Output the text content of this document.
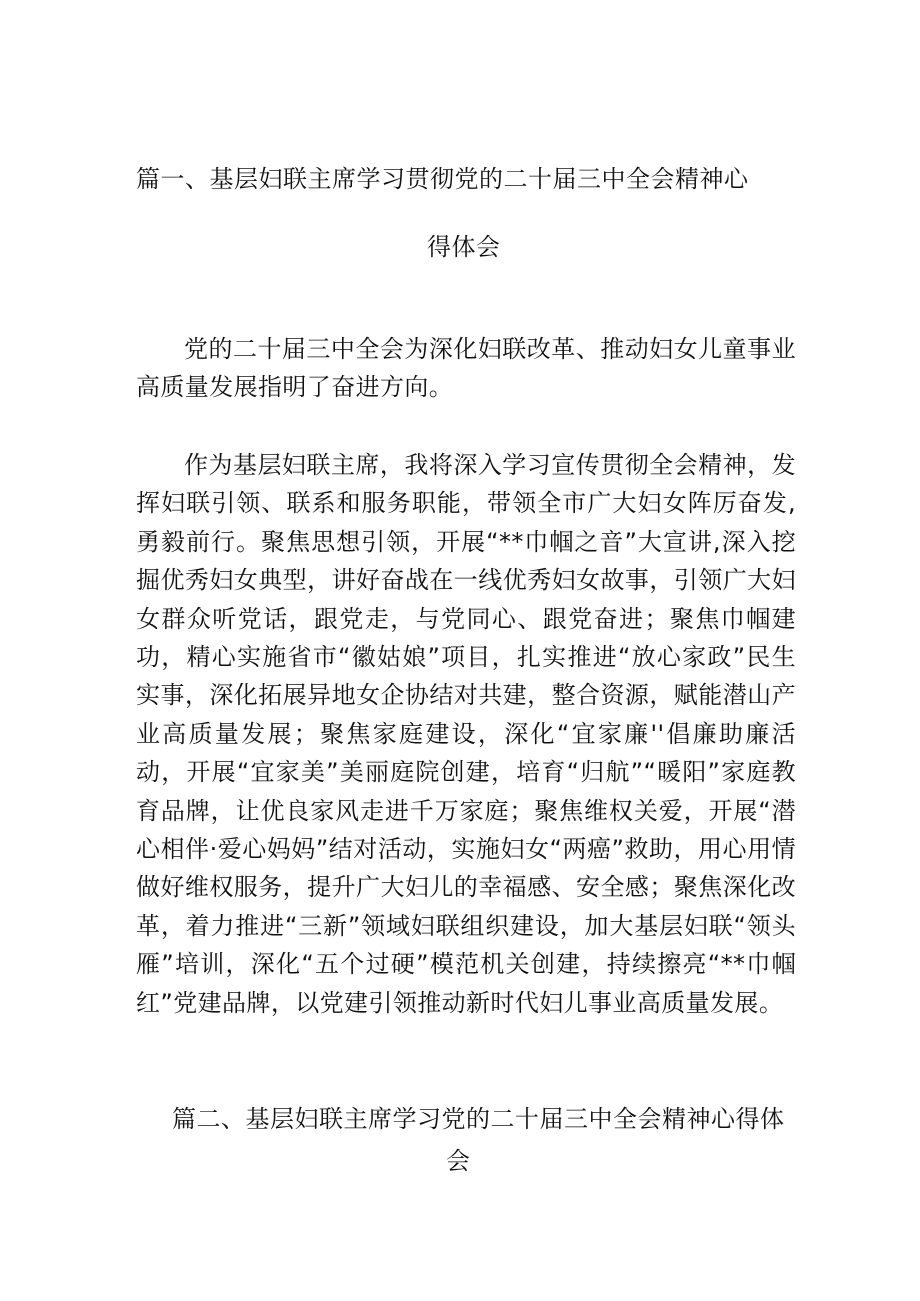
篇一、基层妇联主席学习贯彻党的二十届三中全会精神心
得体会

党的二十届三中全会为深化妇联改革、推动妇女儿童事业高质量发展指明了奋进方向。

作为基层妇联主席，我将深入学习宣传贯彻全会精神，发挥妇联引领、联系和服务职能，带领全市广大妇女阵厉奋发,勇毅前行。聚焦思想引领，开展“**巾帼之音”大宣讲,深入挖掘优秀妇女典型，讲好奋战在一线优秀妇女故事，引领广大妇女群众听党话，跟党走，与党同心、跟党奋进；聚焦巾帼建功，精心实施省市“徽姑娘”项目，扎实推进“放心家政”民生实事，深化拓展异地女企协结对共建，整合资源，赋能潜山产业高质量发展；聚焦家庭建设，深化“宜家廉''倡廉助廉活动，开展“宜家美”美丽庭院创建，培育“归航”“暖阳”家庭教育品牌，让优良家风走进千万家庭；聚焦维权关爱，开展“潜心相伴·爱心妈妈”结对活动，实施妇女“两癌”救助，用心用情做好维权服务，提升广大妇儿的幸福感、安全感；聚焦深化改革，着力推进“三新”领域妇联组织建设，加大基层妇联“领头雁”培训，深化“五个过硬”模范机关创建，持续擦亮“**巾帼红”党建品牌，以党建引领推动新时代妇儿事业高质量发展。

篇二、基层妇联主席学习党的二十届三中全会精神心得体
会
